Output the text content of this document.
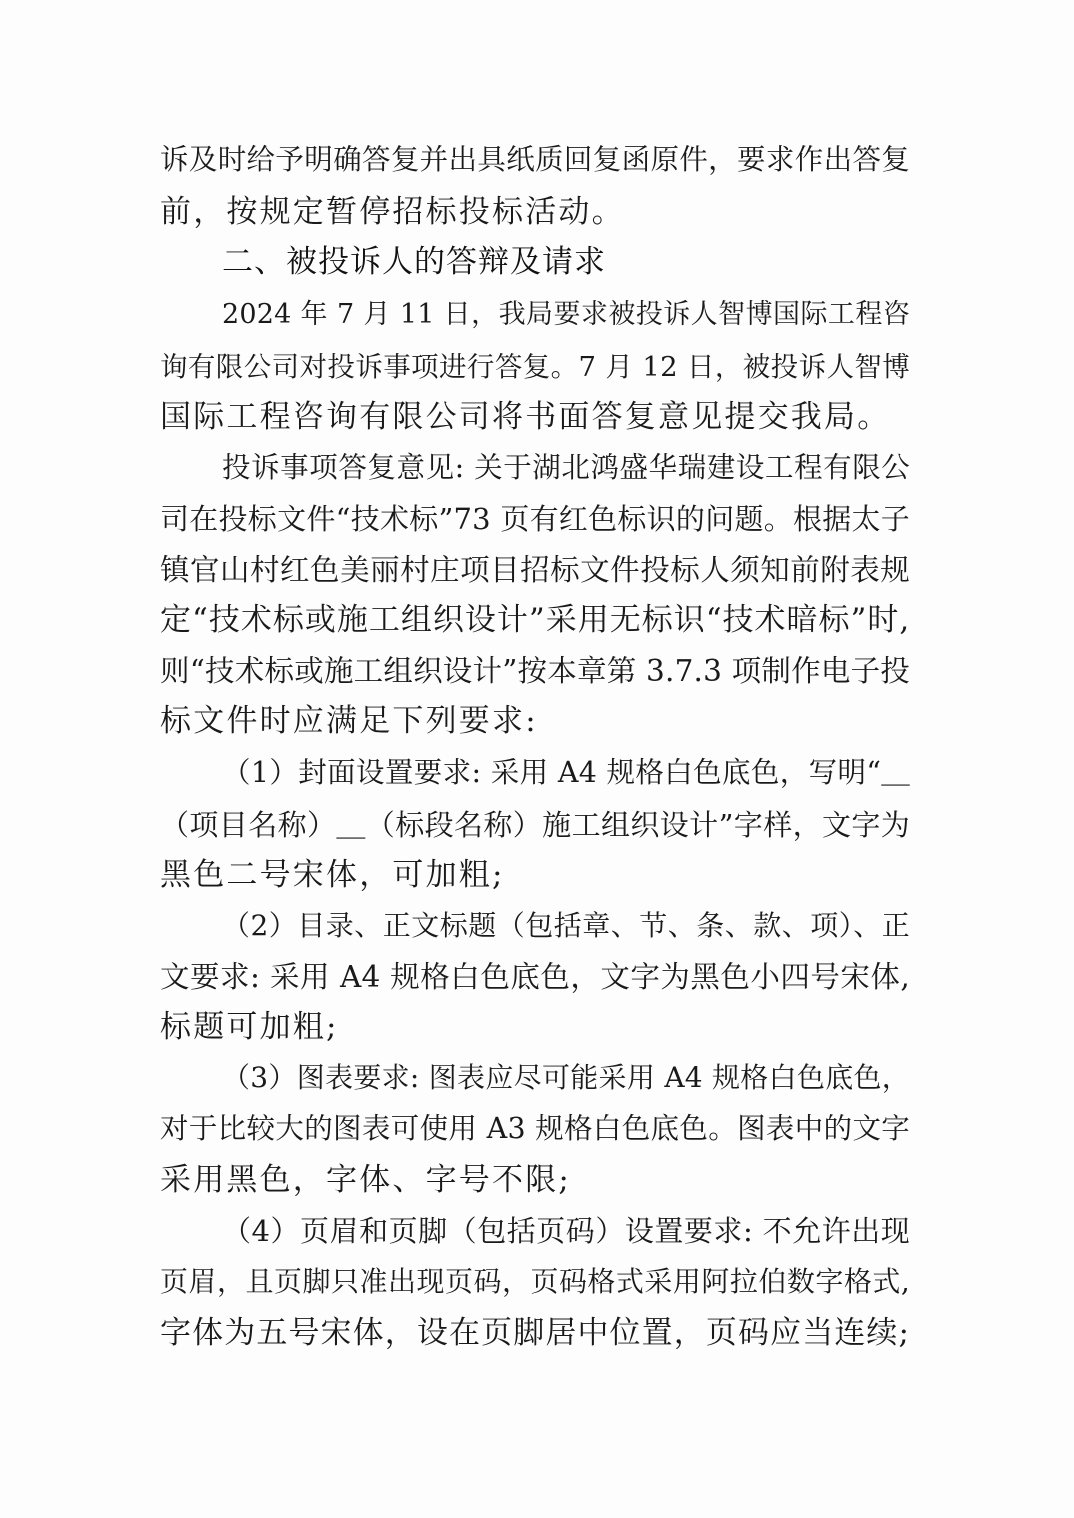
诉及时给予明确答复并出具纸质回复函原件，要求作出答复
前，按规定暂停招标投标活动。
二、被投诉人的答辩及请求
2024 年 7 月 11 日，我局要求被投诉人智博国际工程咨
询有限公司对投诉事项进行答复。7 月 12 日，被投诉人智博
国际工程咨询有限公司将书面答复意见提交我局。
投诉事项答复意见: 关于湖北鸿盛华瑞建设工程有限公
司在投标文件“技术标”73 页有红色标识的问题。根据太子
镇官山村红色美丽村庄项目招标文件投标人须知前附表规
定“技术标或施工组织设计”采用无标识“技术暗标”时,
则“技术标或施工组织设计”按本章第 3.7.3 项制作电子投
标文件时应满足下列要求:
（1）封面设置要求: 采用 A4 规格白色底色，写明“＿
（项目名称）＿（标段名称）施工组织设计”字样，文字为
黑色二号宋体，可加粗;
（2）目录、正文标题（包括章、节、条、款、项）、正
文要求: 采用 A4 规格白色底色，文字为黑色小四号宋体,
标题可加粗;
（3）图表要求: 图表应尽可能采用 A4 规格白色底色，
对于比较大的图表可使用 A3 规格白色底色。图表中的文字
采用黑色，字体、字号不限;
（4）页眉和页脚（包括页码）设置要求: 不允许出现
页眉，且页脚只准出现页码，页码格式采用阿拉伯数字格式,
字体为五号宋体，设在页脚居中位置，页码应当连续;
